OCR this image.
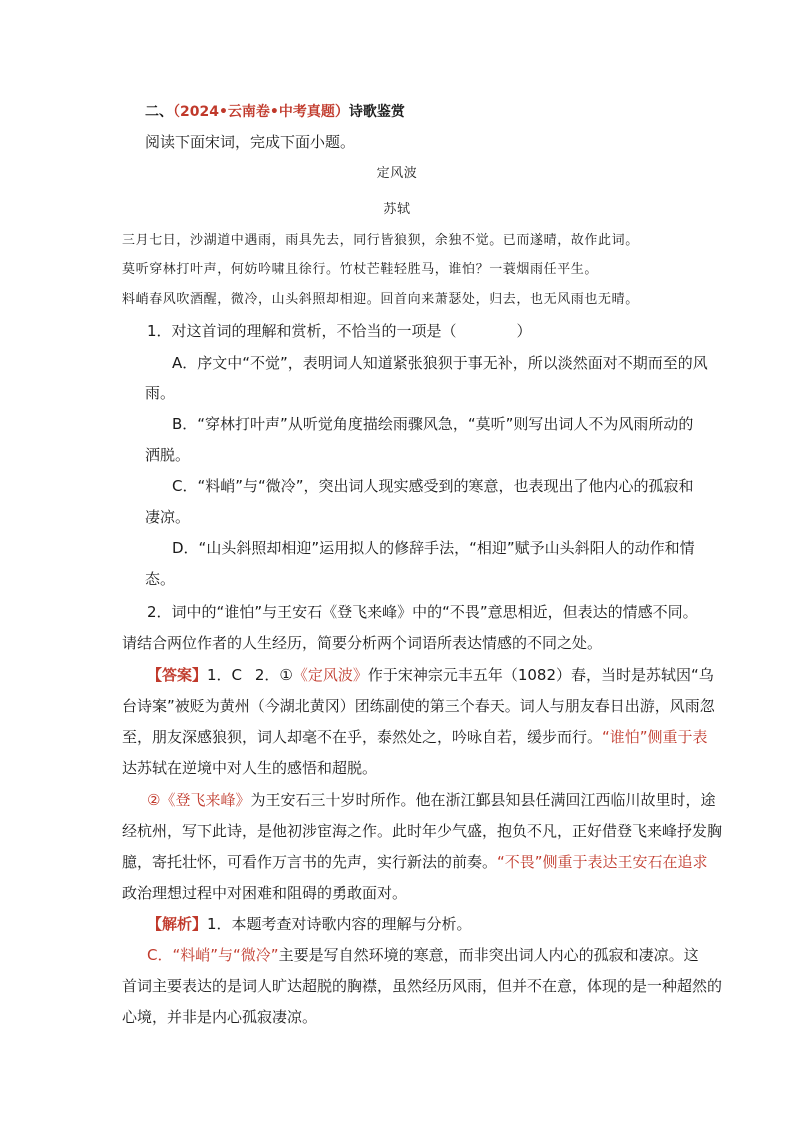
二、（2024•云南卷•中考真题）诗歌鉴赏
阅读下面宋词，完成下面小题。
定风波
苏轼
三月七日，沙湖道中遇雨，雨具先去，同行皆狼狈，余独不觉。已而遂晴，故作此词。
莫听穿林打叶声，何妨吟啸且徐行。竹杖芒鞋轻胜马，谁怕？一蓑烟雨任平生。
料峭春风吹酒醒，微冷，山头斜照却相迎。回首向来萧瑟处，归去，也无风雨也无晴。
1．对这首词的理解和赏析，不恰当的一项是（　　　　）
A．序文中“不觉”，表明词人知道紧张狼狈于事无补，所以淡然面对不期而至的风
雨。
B．“穿林打叶声”从听觉角度描绘雨骤风急，“莫听”则写出词人不为风雨所动的
洒脱。
C．“料峭”与“微冷”，突出词人现实感受到的寒意，也表现出了他内心的孤寂和
凄凉。
D．“山头斜照却相迎”运用拟人的修辞手法，“相迎”赋予山头斜阳人的动作和情
态。
2．词中的“谁怕”与王安石《登飞来峰》中的“不畏”意思相近，但表达的情感不同。
请结合两位作者的人生经历，简要分析两个词语所表达情感的不同之处。
【答案】1．C 2．①《定风波》作于宋神宗元丰五年（1082）春，当时是苏轼因“乌
台诗案”被贬为黄州（今湖北黄冈）团练副使的第三个春天。词人与朋友春日出游，风雨忽
至，朋友深感狼狈，词人却毫不在乎，泰然处之，吟咏自若，缓步而行。“谁怕”侧重于表
达苏轼在逆境中对人生的感悟和超脱。
②《登飞来峰》为王安石三十岁时所作。他在浙江鄞县知县任满回江西临川故里时，途
经杭州，写下此诗，是他初涉宦海之作。此时年少气盛，抱负不凡，正好借登飞来峰抒发胸
臆，寄托壮怀，可看作万言书的先声，实行新法的前奏。“不畏”侧重于表达王安石在追求
政治理想过程中对困难和阻碍的勇敢面对。
【解析】1．本题考查对诗歌内容的理解与分析。
C．“料峭”与“微冷”主要是写自然环境的寒意，而非突出词人内心的孤寂和凄凉。这
首词主要表达的是词人旷达超脱的胸襟，虽然经历风雨，但并不在意，体现的是一种超然的
心境，并非是内心孤寂凄凉。
